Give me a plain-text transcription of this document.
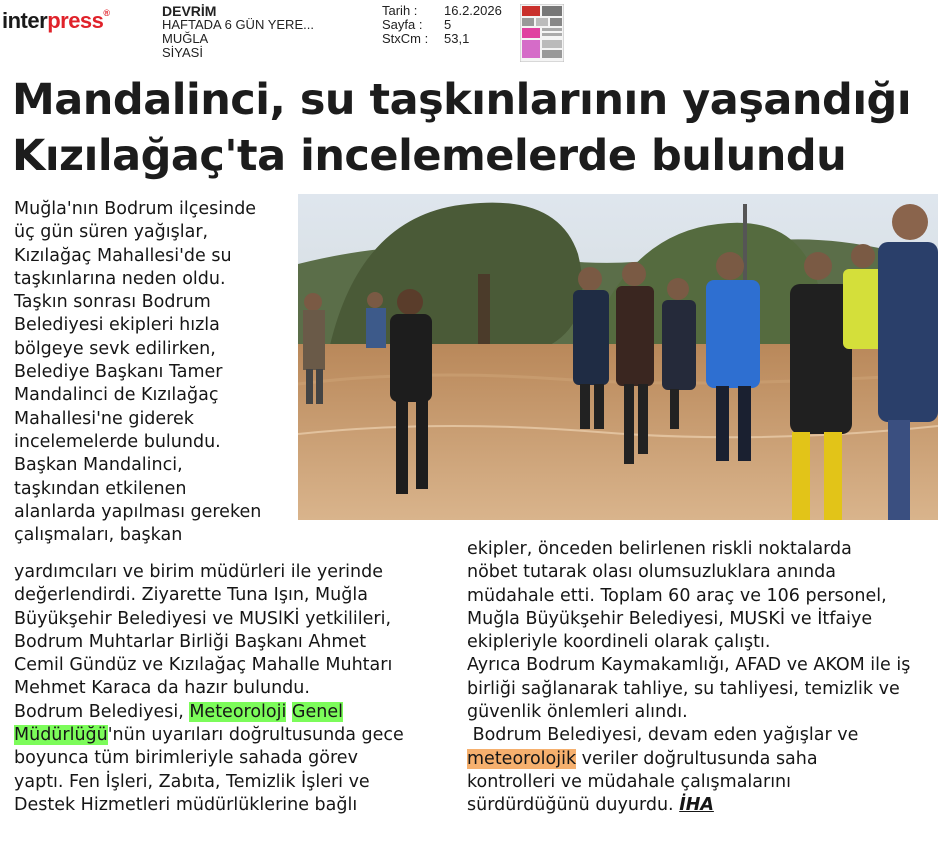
interpress®	DEVRİM
HAFTADA 6 GÜN YERE...
MUĞLA
SİYASİ
Tarih : 16.2.2026
Sayfa : 5
StxCm : 53,1
Mandalinci, su taşkınlarının yaşandığı
Kızılağaç'ta incelemelerde bulundu
Muğla'nın Bodrum ilçesinde
üç gün süren yağışlar,
Kızılağaç Mahallesi'de su
taşkınlarına neden oldu.
Taşkın sonrası Bodrum
Belediyesi ekipleri hızla
bölgeye sevk edilirken,
Belediye Başkanı Tamer
Mandalinci de Kızılağaç
Mahallesi'ne giderek
incelemelerde bulundu.
Başkan Mandalinci,
taşkından etkilenen
alanlarda yapılması gereken
çalışmaları, başkan
yardımcıları ve birim müdürleri ile yerinde
değerlendirdi. Ziyarette Tuna Işın, Muğla
Büyükşehir Belediyesi ve MUSlKİ yetkilileri,
Bodrum Muhtarlar Birliği Başkanı Ahmet
Cemil Gündüz ve Kızılağaç Mahalle Muhtarı
Mehmet Karaca da hazır bulundu.
Bodrum Belediyesi, Meteoroloji Genel
Müdürlüğü'nün uyarıları doğrultusunda gece
boyunca tüm birimleriyle sahada görev
yaptı. Fen İşleri, Zabıta, Temizlik İşleri ve
Destek Hizmetleri müdürlüklerine bağlı
ekipler, önceden belirlenen riskli noktalarda
nöbet tutarak olası olumsuzluklara anında
müdahale etti. Toplam 60 araç ve 106 personel,
Muğla Büyükşehir Belediyesi, MUSKİ ve İtfaiye
ekipleriyle koordineli olarak çalıştı.
Ayrıca Bodrum Kaymakamlığı, AFAD ve AKOM ile iş
birliği sağlanarak tahliye, su tahliyesi, temizlik ve
güvenlik önlemleri alındı.
Bodrum Belediyesi, devam eden yağışlar ve
meteorolojik veriler doğrultusunda saha
kontrolleri ve müdahale çalışmalarını
sürdürdüğünü duyurdu. İHA
